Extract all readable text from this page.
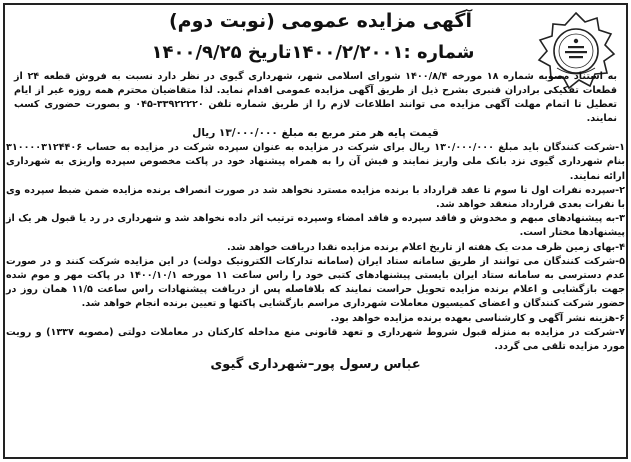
آگهی مزایده عمومی (نوبت دوم)
شماره :۱۴۰۰/۲/۲۰۰۱تاریخ ۱۴۰۰/۹/۲۵
به استناد مصوبه شماره ۱۸ مورخه ۱۴۰۰/۸/۴ شورای اسلامی شهر، شهرداری گیوی در نظر دارد نسبت به فروش قطعه ۲۴ از قطعات تفکیکی برادران قنبری بشرح ذیل از طریق آگهی مزایده عمومی اقدام نماید. لذا متقاضیان محترم همه روزه غیر از ایام تعطیل تا اتمام مهلت آگهی مزایده می توانند اطلاعات لازم را از طریق شماره تلفن ۳۳۹۲۲۲۲۰-۰۴۵ و بصورت حضوری کسب نمایند.

قیمت پایه هر متر مربع به مبلغ ۱۳/۰۰۰/۰۰۰ ریال

۱-شرکت کنندگان باید مبلغ ۱۳۰/۰۰۰/۰۰۰ ریال برای شرکت در مزایده به عنوان سپرده شرکت در مزایده به حساب ۳۱۰۰۰۰۳۱۲۴۴۰۶ بنام شهرداری گیوی نزد بانک ملی واریز نمایند و فیش آن را به همراه پیشنهاد خود در پاکت مخصوص سپرده واریزی به شهرداری ارائه نمایند.

۲-سپرده نفرات اول تا سوم تا عقد قرارداد با برنده مزایده مسترد نخواهد شد در صورت انصراف برنده مزایده ضمن ضبط سپرده وی با نفرات بعدی قرارداد منعقد خواهد شد.

۳-به پیشنهادهای مبهم و مخدوش و فاقد سپرده و فاقد امضاء وسپرده ترتیب اثر داده نخواهد شد و شهرداری در رد یا قبول هر یک از پیشنهادها مختار است.

۴-بهای زمین ظرف مدت یک هفته از تاریخ اعلام برنده مزایده نقدا دریافت خواهد شد.

۵-شرکت کنندگان می توانند از طریق سامانه ستاد ایران (سامانه تدارکات الکترونیک دولت) در این مزایده شرکت کنند و در صورت عدم دسترسی به سامانه ستاد ایران بایستی پیشنهادهای کتبی خود را راس ساعت ۱۱ مورخه ۱۴۰۰/۱۰/۱ در پاکت مهر و موم شده جهت بازگشایی و اعلام برنده مزایده تحویل حراست نمایند که بلافاصله پس از دریافت پیشنهادات راس ساعت ۱۱/۵ همان روز در حضور شرکت کنندگان و اعضای کمیسیون معاملات شهرداری مراسم بازگشایی پاکتها و تعیین برنده انجام خواهد شد.

۶-هزینه نشر آگهی و کارشناسی بعهده برنده مزایده خواهد بود.

۷-شرکت در مزایده به منزله قبول شروط شهرداری و تعهد قانونی منع مداخله کارکنان در معاملات دولتی (مصوبه ۱۳۳۷) و رویت مورد مزایده تلقی می گردد.

عباس رسول پور–شهرداری گیوی
